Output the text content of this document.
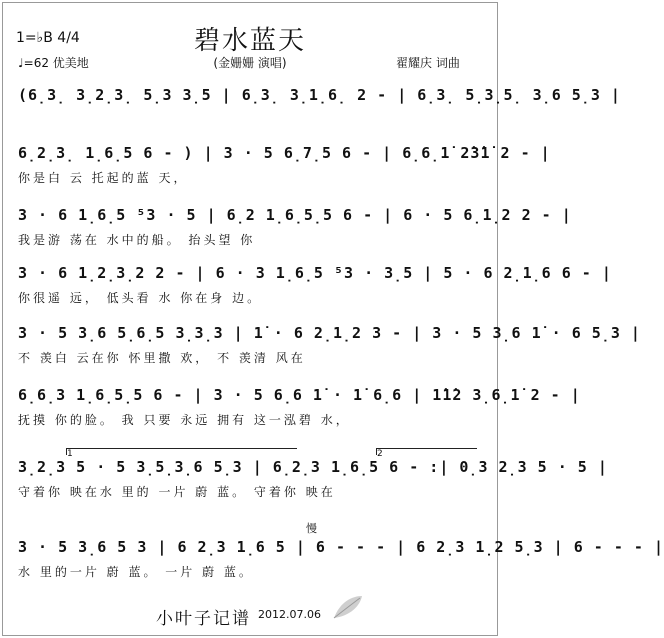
1=♭B 4/4
♩=62 优美地
碧水蓝天
(金姗姗 演唱)	翟耀庆 词曲
(6̣3̣ 3̣2̣3̣ 5̣3 3̣5 | 6̣3̣ 3̣1̣6̣ 2 - | 6̣3̣ 5̣3̣5̣ 3̣6 5̣3 |
6̣2̣3̣ 1̣6̣5 6 - ) | 3 · 5 6̣7̣5 6 - | 6̣6̣1̇ 2̇3̇1̇ 2 - |
你是白 云 托起的蓝 天，
3 · 6 1̣6̣5 ⁵3 · 5 | 6̣2 1̣6̣5̣5 6 - | 6 · 5 6̣1̣2 2 - |
我是游 荡在 水中的船。 抬头望 你
3 · 6 1̣2̣3̣2 2 - | 6 · 3 1̣6̣5 ⁵3 · 3̣5 | 5 · 6 2̣1̣6 6 - |
你很遥 远， 低头看 水 你在身 边。
3 · 5 3̣6 5̣6̣5 3̣3̣3 | 1̇ · 6 2̣1̣2 3 - | 3 · 5 3̣6 1̇ · 6 5̣3 |
不 羡白 云在你 怀里撒 欢， 不 羡清 风在
6̣6̣3 1̣6̣5̣5 6 - | 3 · 5 6̣6 1̇ · 1̇ 6̣6 | 1̇1̇2 3̣6̣1̇ 2 - |
抚摸 你的脸。 我 只要 永远 拥有 这一泓碧 水，
1	2
3̣2̣3 5 · 5 3̣5̣3̣6 5̣3 | 6̣2̣3 1̣6̣5 6 - :| 0̣3 2̣3 5 · 5 |
守着你 映在水 里的 一片 蔚 蓝。 守着你 映在
慢
3 · 5 3̣6 5 3 | 6 2̣3 1̣6 5 | 6 - - - | 6 2̣3 1̣2 5̣3 | 6 - - - |
水 里的一片 蔚 蓝。 一片 蔚 蓝。
小叶子记谱 2012.07.06
